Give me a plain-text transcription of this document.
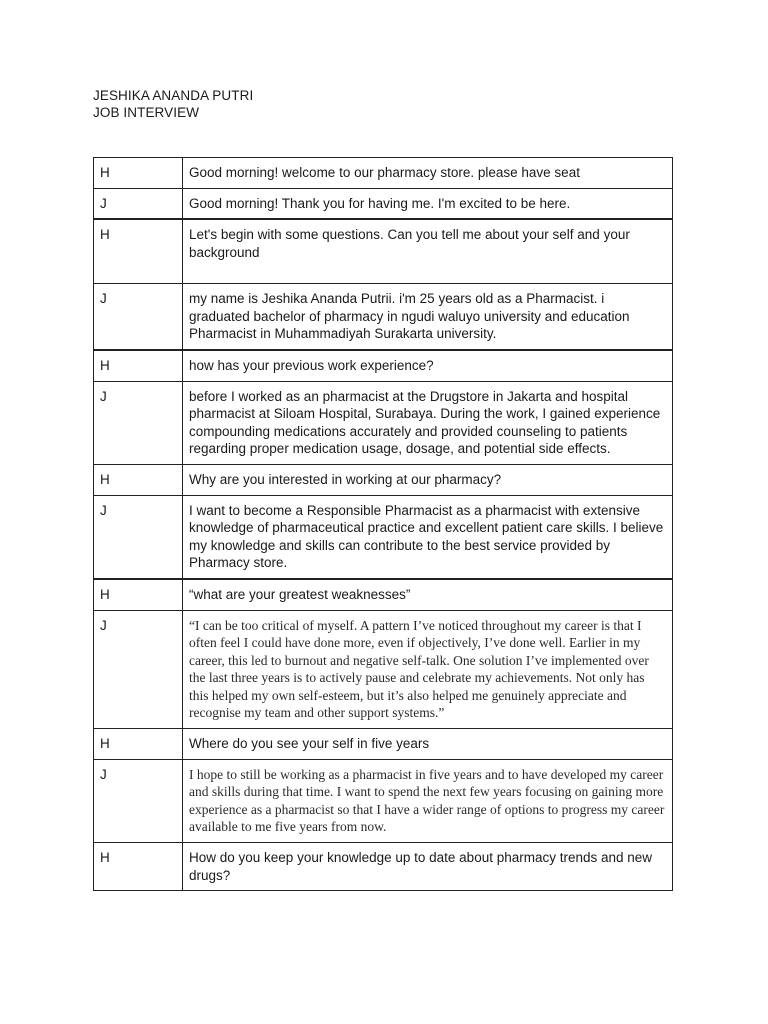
JESHIKA ANANDA PUTRI
JOB INTERVIEW
H	Good morning! welcome to our pharmacy store. please have seat
J	Good morning! Thank you for having me. I'm excited to be here.
H	Let's begin with some questions. Can you tell me about your self and your background
J	my name is Jeshika Ananda Putrii. i'm 25 years old as a Pharmacist. i graduated bachelor of pharmacy in ngudi waluyo university and education Pharmacist in Muhammadiyah Surakarta university.
H	how has your previous work experience?
J	before I worked as an pharmacist at the Drugstore in Jakarta and hospital pharmacist at Siloam Hospital, Surabaya. During the work, I gained experience compounding medications accurately and provided counseling to patients regarding proper medication usage, dosage, and potential side effects.
H	Why are you interested in working at our pharmacy?
J	I want to become a Responsible Pharmacist as a pharmacist with extensive knowledge of pharmaceutical practice and excellent patient care skills. I believe my knowledge and skills can contribute to the best service provided by Pharmacy store.
H	“what are your greatest weaknesses”
J	“I can be too critical of myself. A pattern I’ve noticed throughout my career is that I often feel I could have done more, even if objectively, I’ve done well. Earlier in my career, this led to burnout and negative self-talk. One solution I’ve implemented over the last three years is to actively pause and celebrate my achievements. Not only has this helped my own self-esteem, but it’s also helped me genuinely appreciate and recognise my team and other support systems.”
H	Where do you see your self in five years
J	I hope to still be working as a pharmacist in five years and to have developed my career and skills during that time. I want to spend the next few years focusing on gaining more experience as a pharmacist so that I have a wider range of options to progress my career available to me five years from now.
H	How do you keep your knowledge up to date about pharmacy trends and new drugs?
